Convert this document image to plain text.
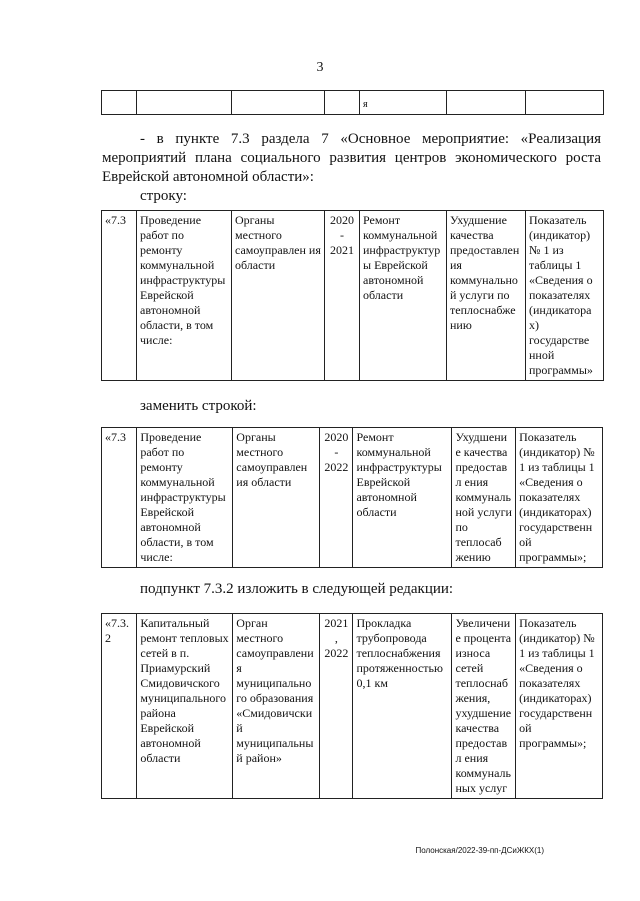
3
				я		
- в пункте 7.3 раздела 7 «Основное мероприятие: «Реализация
мероприятий плана социального развития центров экономического роста
Еврейской автономной области»:
строку:
«7.3	Проведение работ по ремонту коммунальной инфраструктуры Еврейской автономной области, в том числе:	Органы местного самоуправлен ия области	2020 - 2021	Ремонт коммунальной инфраструктуры Еврейской автономной области	Ухудшение качества предоставлен ия коммунально й услуги по теплоснабже нию	Показатель (индикатор) № 1 из таблицы 1 «Сведения о показателях (индикатора х) государстве нной программы»
заменить строкой:
«7.3	Проведение работ по ремонту коммунальной инфраструктуры Еврейской автономной области, в том числе:	Органы местного самоуправлен ия области	2020 - 2022	Ремонт коммунальной инфраструктуры Еврейской автономной области	Ухудшени е качества предоставл ения коммуналь ной услуги по теплосаб жению	Показатель (индикатор) № 1 из таблицы 1 «Сведения о показателях (индикаторах) государственн ой программы»;
подпункт 7.3.2 изложить в следующей редакции:
«7.3.2	Капитальный ремонт тепловых сетей в п. Приамурский Смидовичского муниципального района Еврейской автономной области	Орган местного самоуправлени я муниципально го образования «Смидовичски й муниципальны й район»	2021, 2022	Прокладка трубопровода теплоснабжения протяженностью 0,1 км	Увеличени е процента износа сетей теплоснаб жения, ухудшение качества предоставл ения коммуналь ных услуг	Показатель (индикатор) № 1 из таблицы 1 «Сведения о показателях (индикаторах) государственн ой программы»;
Полонская/2022-39-пп-ДСиЖКХ(1)
